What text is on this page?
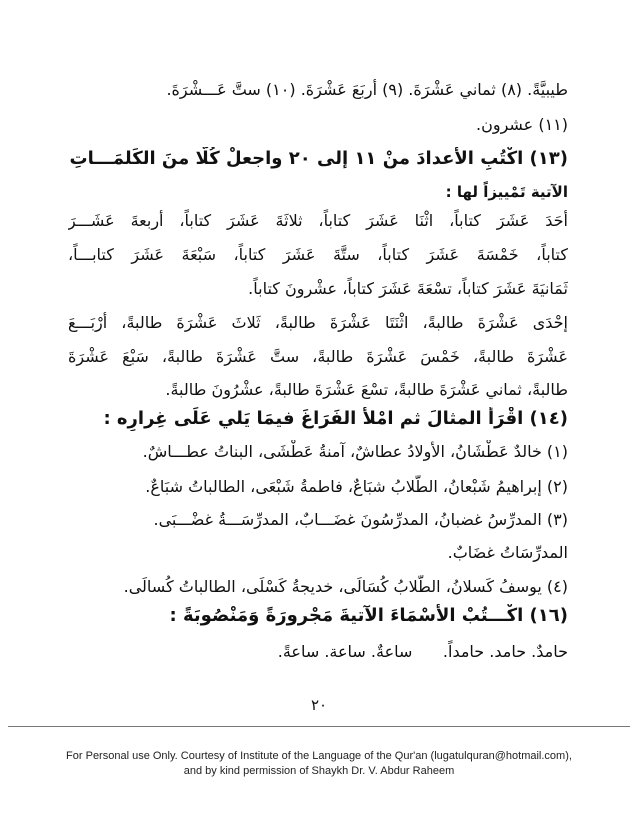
طيبيَّةً. (٨) ثماني عَشْرَةَ. (٩) أربَعَ عَشْرَةَ. (١٠) ستَّ عَـــشْرَةَ.
(١١) عشرون.
(١٣) اكْتُبِ الأعدادَ منْ ١١ إلى ٢٠ واجعلْ كُلًّا منَ الكَلمَـــاتِ
الآتية تَمْييزاً لها :
أحَدَ عَشَرَ كتاباً، اثْنَا عَشَرَ كتاباً، ثلاثَةَ عَشَرَ كتاباً، أربعةَ عَشَـــرَ
كتاباً، خَمْسَةَ عَشَرَ كتاباً، ستَّةَ عَشَرَ كتاباً، سَبْعَةَ عَشَرَ كتابـــاً،
ثَمَانيَةَ عَشَرَ كتاباً، تسْعَةَ عَشَرَ كتاباً، عشْرونَ كتاباً.
إحْدَى عَشْرَةَ طالبةً، اثْنَتَا عَشْرَةَ طالبةً، ثَلاثَ عَشْرَةَ طالبةً، أرْبَـــعَ
عَشْرَةَ طالبةً، خَمْسَ عَشْرَةَ طالبةً، ستَّ عَشْرَةَ طالبةً، سَبْعَ عَشْرَةَ
طالبةً، ثماني عَشْرَةَ طالبةً، تسْعَ عَشْرَةَ طالبةً، عشْرُونَ طالبةً.
(١٤) اقْرَأ المثالَ ثم امْلأ الفَرَاغَ فيمَا يَلي عَلَى غِرارِه :
(١) خالدٌ عَطْشَانُ، الأولادُ عطاشٌ، آمنةُ عَطْشَى، البناتُ عطـــاشٌ.
(٢) إبراهيمُ شَبْعانُ، الطُّلابُ شبَاعٌ، فاطمةُ شَبْعَى، الطالباتُ شبَاعٌ.
(٣) المدرِّسُ غضبانُ، المدرِّسُونَ غضَـــابٌ، المدرِّسَـــةُ غضْـــبَى.
المدرِّسَاتُ غضَابٌ.
(٤) يوسفُ كَسلانُ، الطُّلابُ كُسَالَى، خديجةُ كَسْلَى، الطالباتُ كُسالَى.
(١٦) اكْـــتُبْ الأَسْمَاءَ الآتيةَ مَجْرورَةً وَمَنْصُوبَةً :
حامدٌ. حامد. حامداً.      ساعةٌ. ساعة. ساعةً.
٢٠
For Personal use Only. Courtesy of Institute of the Language of the Qur'an (lugatulquran@hotmail.com),
and by kind permission of Shaykh Dr. V. Abdur Raheem
